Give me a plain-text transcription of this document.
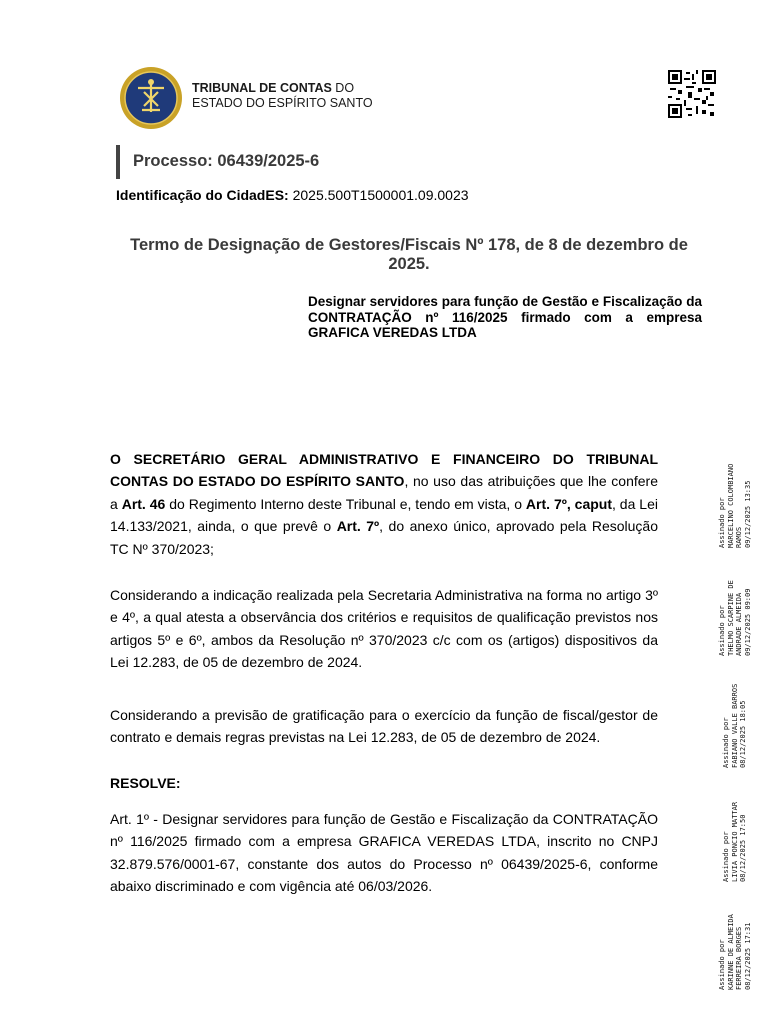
TRIBUNAL DE CONTAS DO
ESTADO DO ESPÍRITO SANTO
Processo: 06439/2025-6
Identificação do CidadES: 2025.500T1500001.09.0023
Termo de Designação de Gestores/Fiscais Nº 178, de 8 de dezembro de 2025.
Designar servidores para função de Gestão e Fiscalização da CONTRATAÇÃO nº 116/2025 firmado com a empresa GRAFICA VEREDAS LTDA
O SECRETÁRIO GERAL ADMINISTRATIVO E FINANCEIRO DO TRIBUNAL CONTAS DO ESTADO DO ESPÍRITO SANTO, no uso das atribuições que lhe confere a Art. 46 do Regimento Interno deste Tribunal e, tendo em vista, o Art. 7º, caput, da Lei 14.133/2021, ainda, o que prevê o Art. 7º, do anexo único, aprovado pela Resolução TC Nº 370/2023;
Considerando a indicação realizada pela Secretaria Administrativa na forma no artigo 3º e 4º, a qual atesta a observância dos critérios e requisitos de qualificação previstos nos artigos 5º e 6º, ambos da Resolução nº 370/2023 c/c com os (artigos) dispositivos da Lei 12.283, de 05 de dezembro de 2024.
Considerando a previsão de gratificação para o exercício da função de fiscal/gestor de contrato e demais regras previstas na Lei 12.283, de 05 de dezembro de 2024.
RESOLVE:
Art. 1º - Designar servidores para função de Gestão e Fiscalização da CONTRATAÇÃO nº 116/2025 firmado com a empresa GRAFICA VEREDAS LTDA, inscrito no CNPJ 32.879.576/0001-67, constante dos autos do Processo nº 06439/2025-6, conforme abaixo discriminado e com vigência até 06/03/2026.
Assinado por MARCELINO COLOMBIANO RAMOS 09/12/2025 13:35
Assinado por THELMO SCARPINE DE ANDRADE ALMEIDA 09/12/2025 09:09
Assinado por FABIANO VALLE BARROS 08/12/2025 18:05
Assinado por LIVIA PONCIO MATTAR 08/12/2025 17:50
Assinado por KARINNE DE ALMEIDA FERREIRA BORGES 08/12/2025 17:31
